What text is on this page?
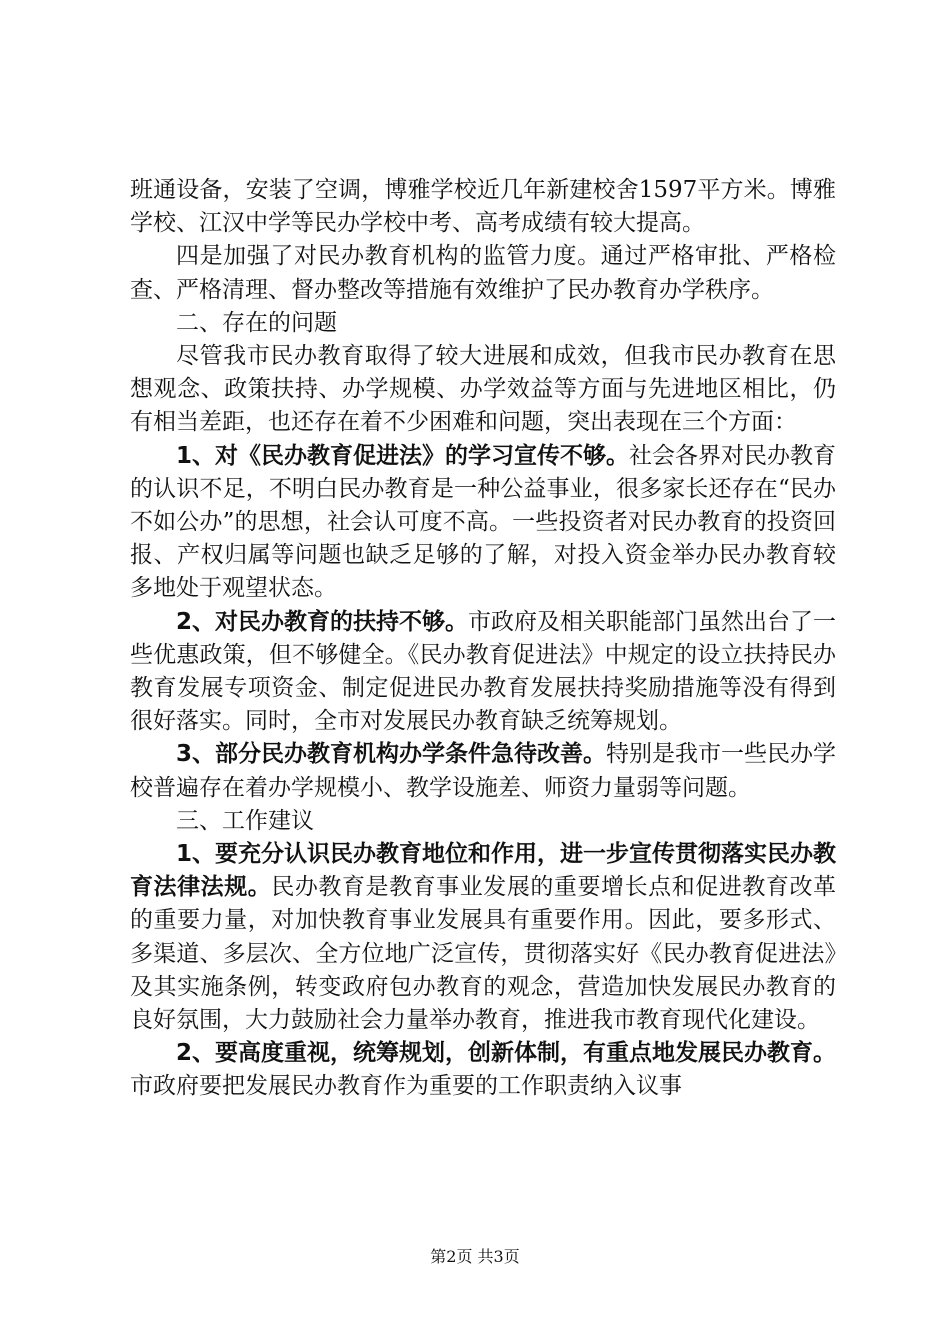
班通设备，安装了空调，博雅学校近几年新建校舍1597平方米。博雅学校、江汉中学等民办学校中考、高考成绩有较大提高。

四是加强了对民办教育机构的监管力度。通过严格审批、严格检查、严格清理、督办整改等措施有效维护了民办教育办学秩序。

二、存在的问题

尽管我市民办教育取得了较大进展和成效，但我市民办教育在思想观念、政策扶持、办学规模、办学效益等方面与先进地区相比，仍有相当差距，也还存在着不少困难和问题，突出表现在三个方面：

1、对《民办教育促进法》的学习宣传不够。社会各界对民办教育的认识不足，不明白民办教育是一种公益事业，很多家长还存在“民办不如公办”的思想，社会认可度不高。一些投资者对民办教育的投资回报、产权归属等问题也缺乏足够的了解，对投入资金举办民办教育较多地处于观望状态。

2、对民办教育的扶持不够。市政府及相关职能部门虽然出台了一些优惠政策，但不够健全。《民办教育促进法》中规定的设立扶持民办教育发展专项资金、制定促进民办教育发展扶持奖励措施等没有得到很好落实。同时，全市对发展民办教育缺乏统筹规划。

3、部分民办教育机构办学条件急待改善。特别是我市一些民办学校普遍存在着办学规模小、教学设施差、师资力量弱等问题。

三、工作建议

1、要充分认识民办教育地位和作用，进一步宣传贯彻落实民办教育法律法规。民办教育是教育事业发展的重要增长点和促进教育改革的重要力量，对加快教育事业发展具有重要作用。因此，要多形式、多渠道、多层次、全方位地广泛宣传，贯彻落实好《民办教育促进法》及其实施条例，转变政府包办教育的观念，营造加快发展民办教育的良好氛围，大力鼓励社会力量举办教育，推进我市教育现代化建设。

2、要高度重视，统筹规划，创新体制，有重点地发展民办教育。市政府要把发展民办教育作为重要的工作职责纳入议事

第2页 共3页
